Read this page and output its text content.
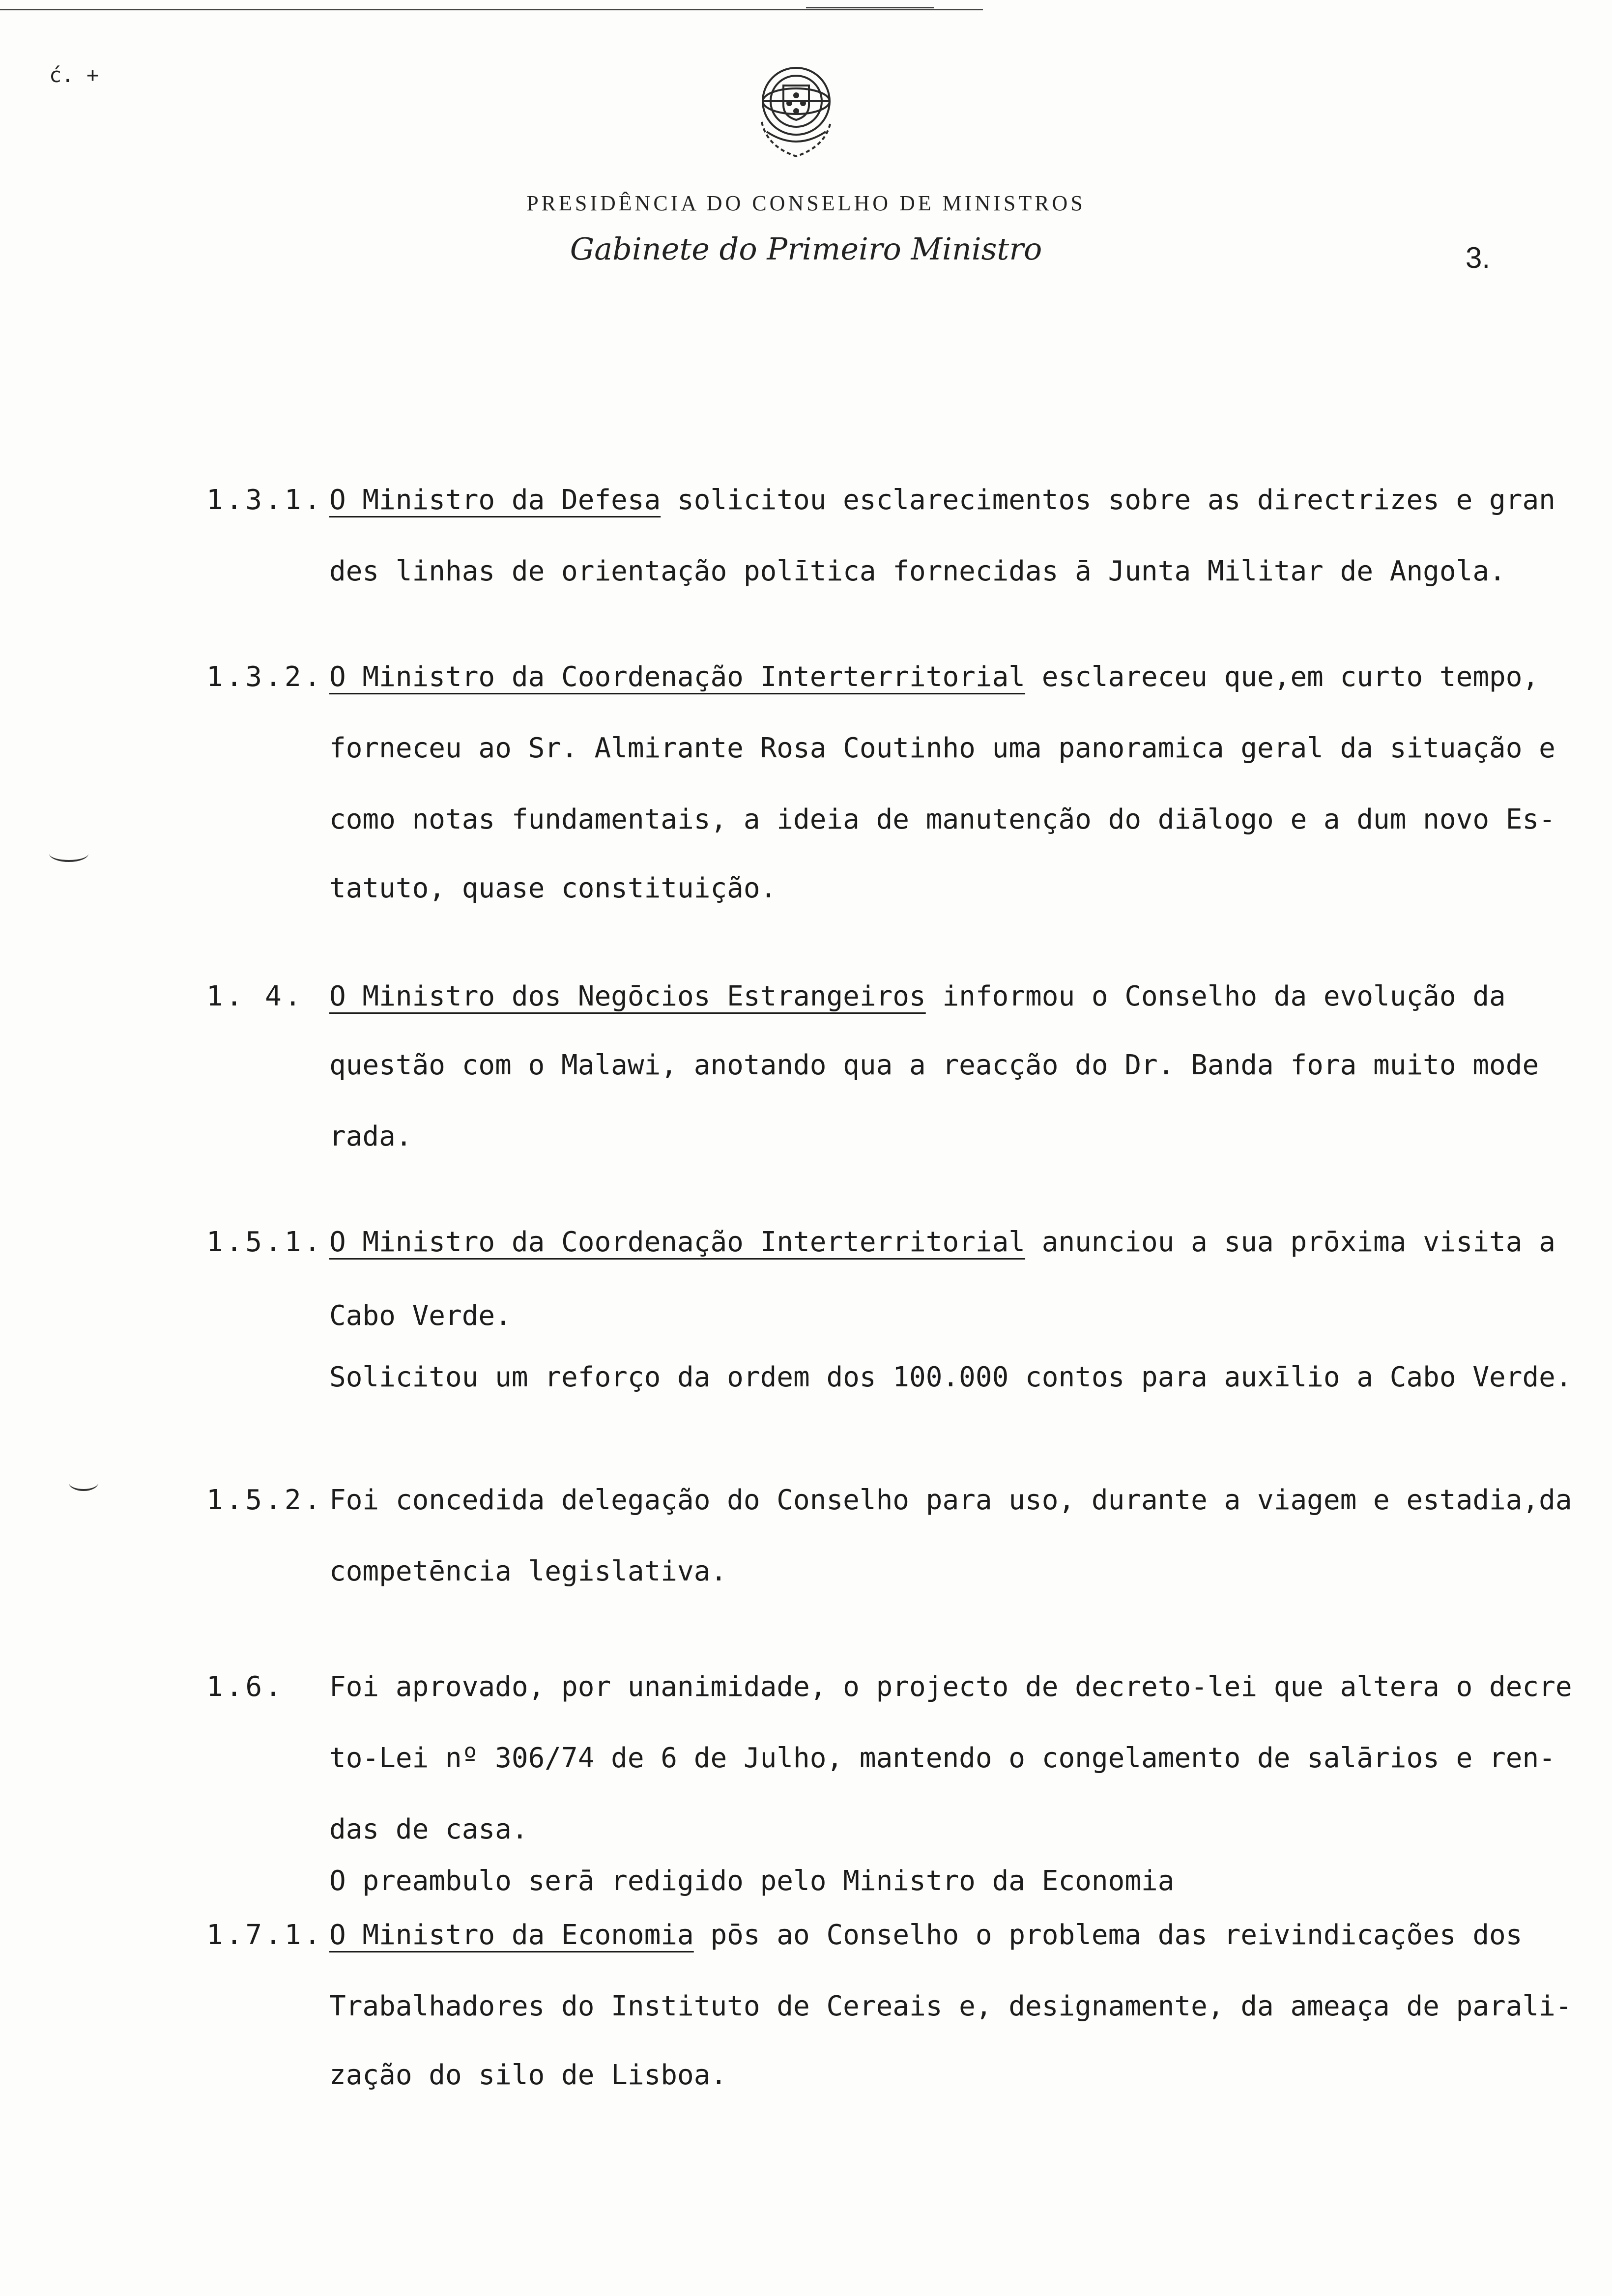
ć. +
PRESIDÊNCIA DO CONSELHO DE MINISTROS
Gabinete do Primeiro Ministro	3.
1.3.1. O Ministro da Defesa solicitou esclarecimentos sobre as directrizes e gran
des linhas de orientação polītica fornecidas ā Junta Militar de Angola.
1.3.2. O Ministro da Coordenação Interterritorial esclareceu que,em curto tempo,
forneceu ao Sr. Almirante Rosa Coutinho uma panoramica geral da situação e
como notas fundamentais, a ideia de manutenção do diālogo e a dum novo Es-
tatuto, quase constituição.
1. 4. O Ministro dos Negōcios Estrangeiros informou o Conselho da evolução da
questão com o Malawi, anotando qua a reacção do Dr. Banda fora muito mode
rada.
1.5.1. O Ministro da Coordenação Interterritorial anunciou a sua prōxima visita a
Cabo Verde.
Solicitou um reforço da ordem dos 100.000 contos para auxīlio a Cabo Verde.
1.5.2. Foi concedida delegação do Conselho para uso, durante a viagem e estadia,da
competēncia legislativa.
1.6. Foi aprovado, por unanimidade, o projecto de decreto-lei que altera o decre
to-Lei nº 306/74 de 6 de Julho, mantendo o congelamento de salārios e ren-
das de casa.
O preambulo serā redigido pelo Ministro da Economia
1.7.1. O Ministro da Economia pōs ao Conselho o problema das reivindicações dos
Trabalhadores do Instituto de Cereais e, designamente, da ameaça de parali-
zação do silo de Lisboa.
